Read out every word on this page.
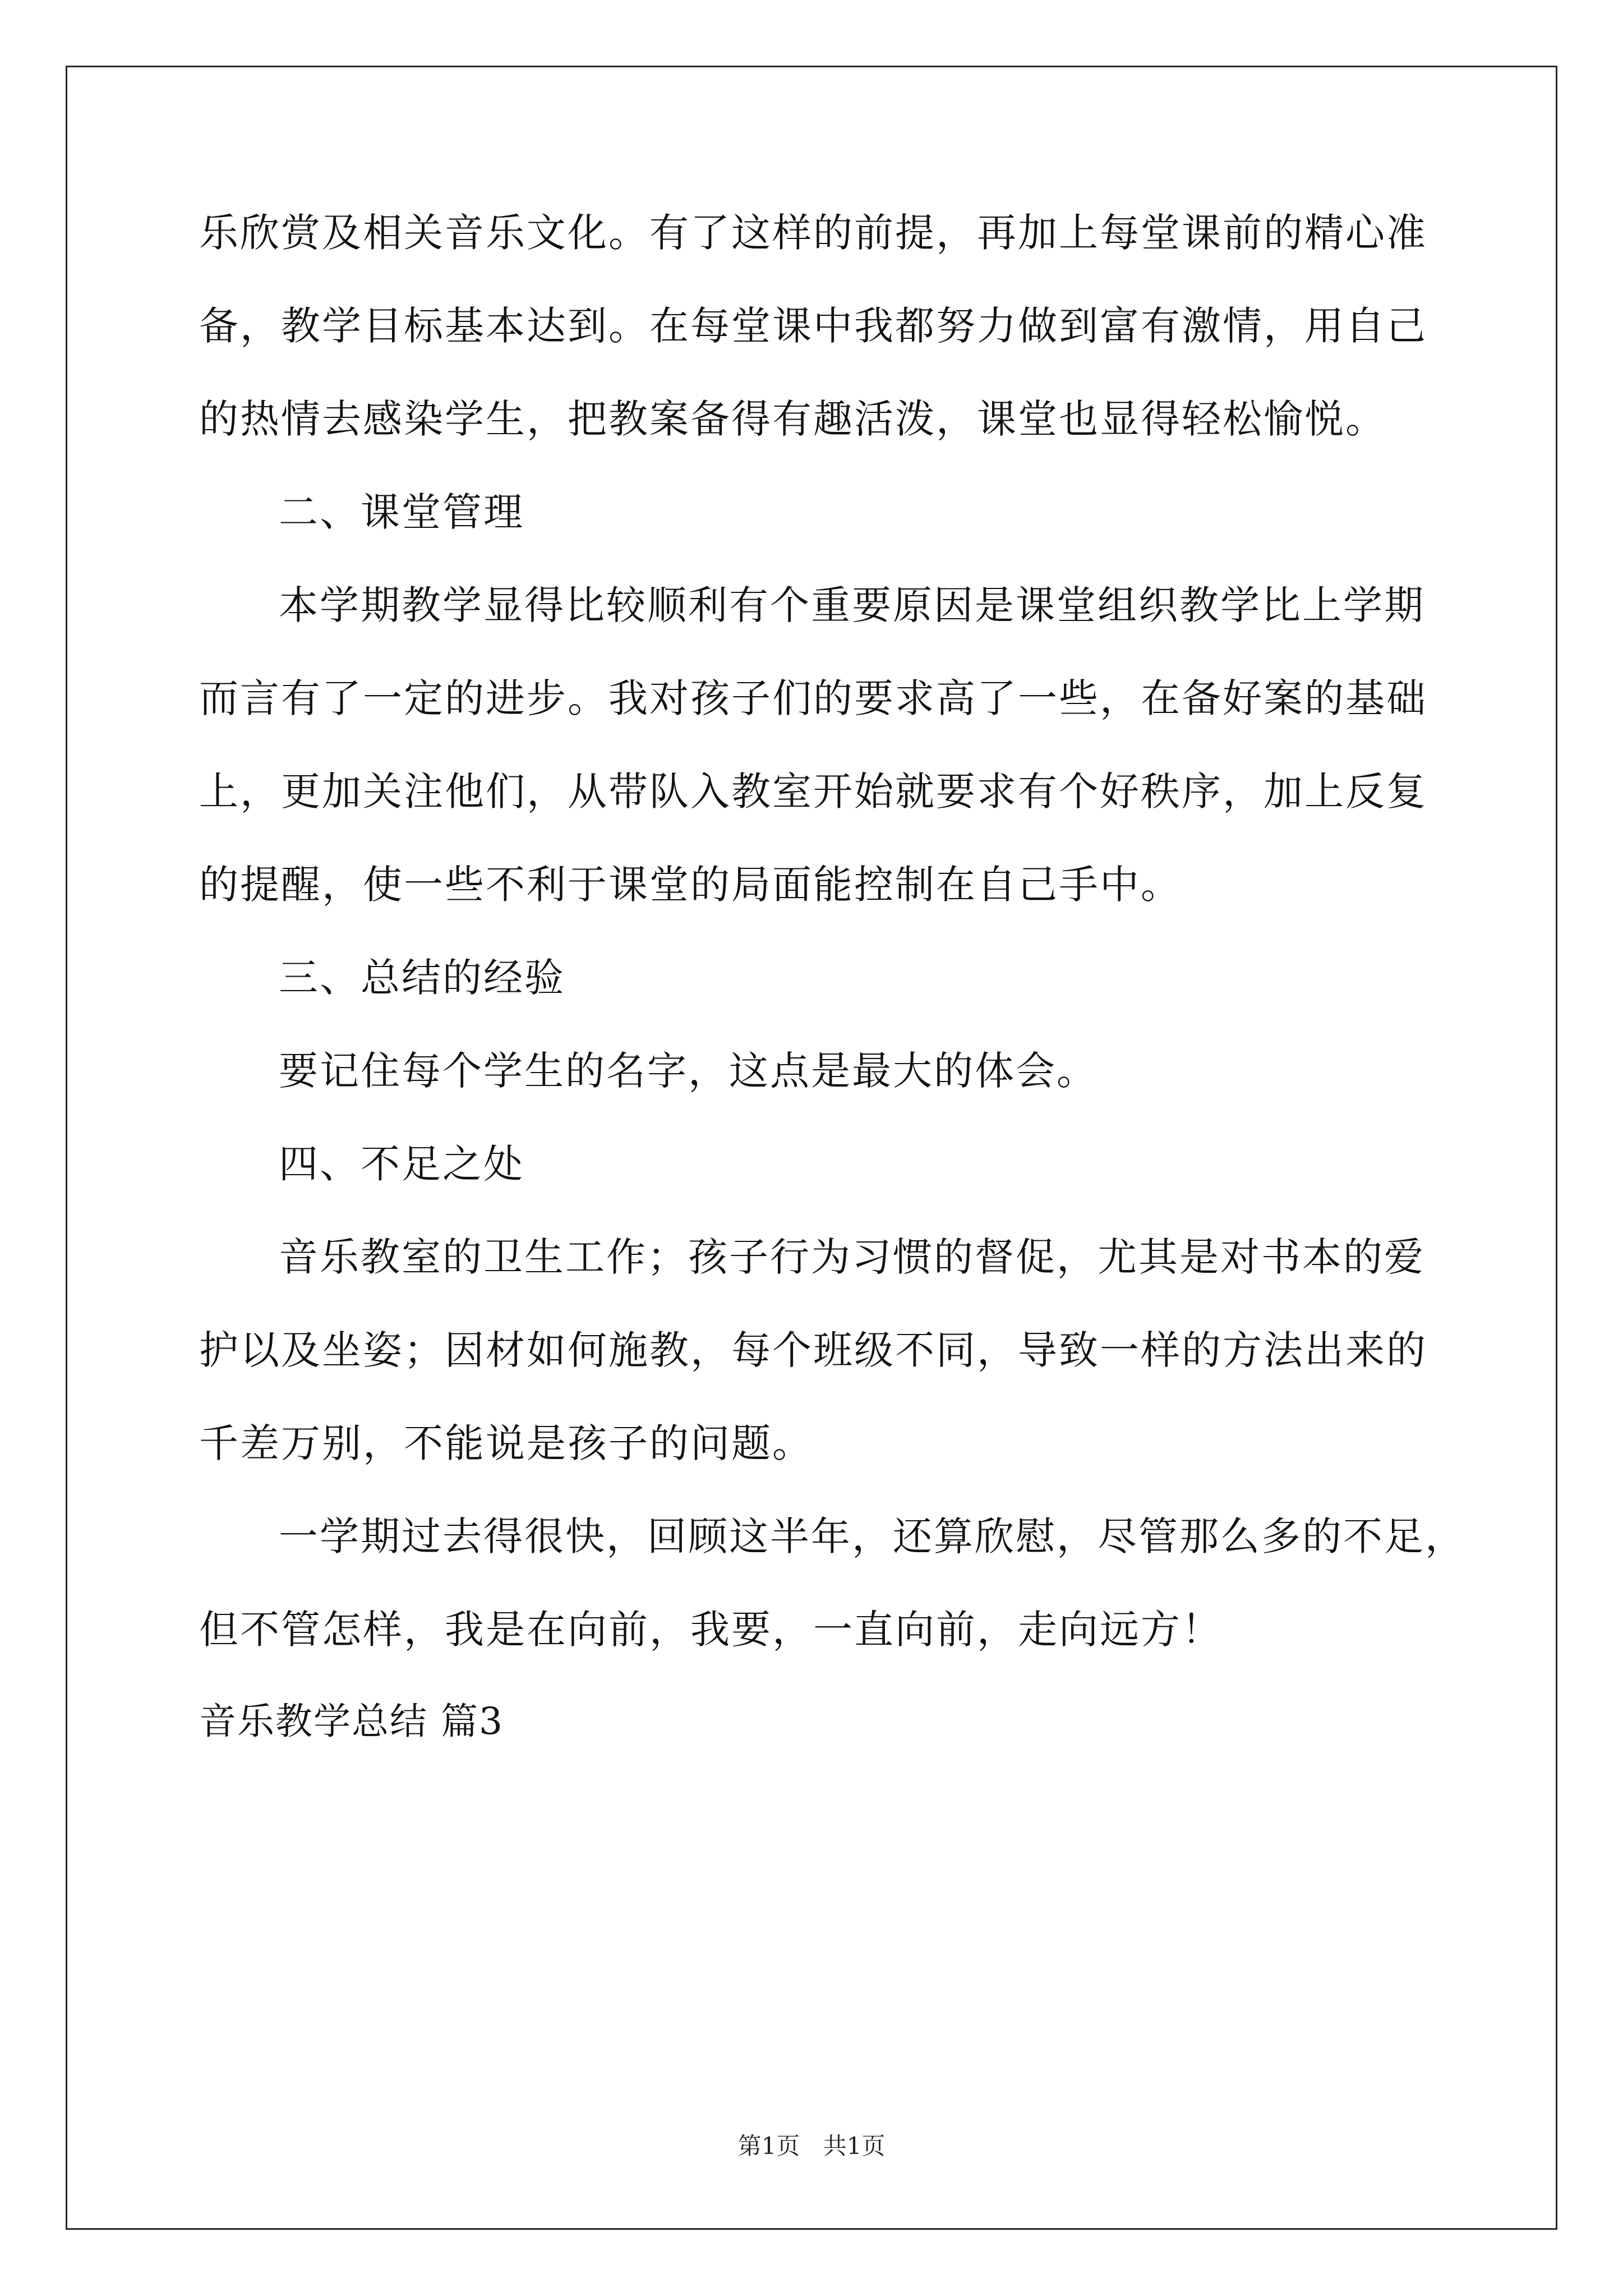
乐欣赏及相关音乐文化。有了这样的前提，再加上每堂课前的精心准
备，教学目标基本达到。在每堂课中我都努力做到富有激情，用自己
的热情去感染学生，把教案备得有趣活泼，课堂也显得轻松愉悦。
二、课堂管理
本学期教学显得比较顺利有个重要原因是课堂组织教学比上学期
而言有了一定的进步。我对孩子们的要求高了一些，在备好案的基础
上，更加关注他们，从带队入教室开始就要求有个好秩序，加上反复
的提醒，使一些不利于课堂的局面能控制在自己手中。
三、总结的经验
要记住每个学生的名字，这点是最大的体会。
四、不足之处
音乐教室的卫生工作；孩子行为习惯的督促，尤其是对书本的爱
护以及坐姿；因材如何施教，每个班级不同，导致一样的方法出来的
千差万别，不能说是孩子的问题。
一学期过去得很快，回顾这半年，还算欣慰，尽管那么多的不足，
但不管怎样，我是在向前，我要，一直向前，走向远方！
音乐教学总结 篇3
第1页 共1页
